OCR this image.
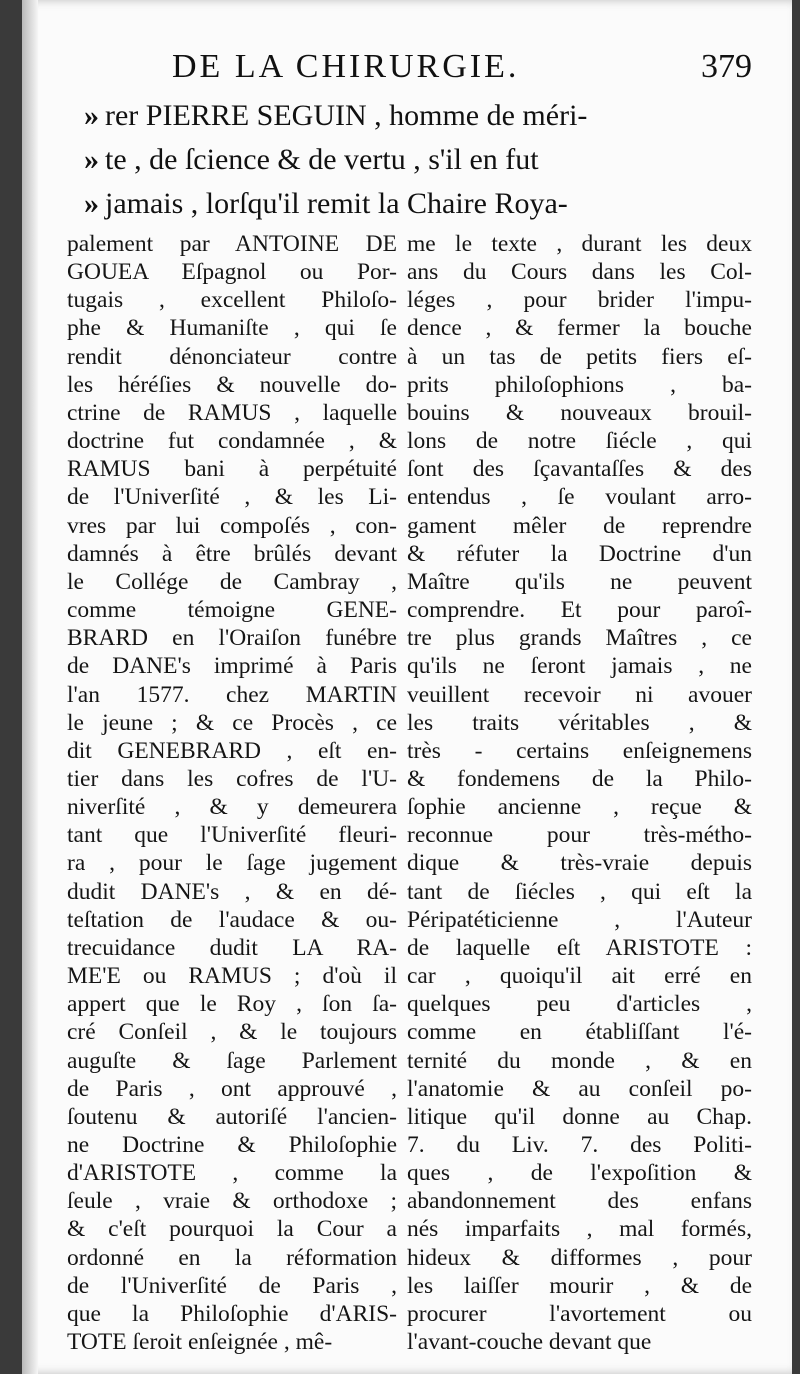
DE LA CHIRURGIE.	379
» rer PIERRE SEGUIN , homme de méri-
» te , de ſcience & de vertu , s'il en fut
» jamais , lorſqu'il remit la Chaire Roya-
palement par ANTOINE DE
GOUEA Eſpagnol ou Por-
tugais , excellent Philoſo-
phe & Humaniſte , qui ſe
rendit dénonciateur contre
les héréſies & nouvelle do-
ctrine de RAMUS , laquelle
doctrine fut condamnée , &
RAMUS bani à perpétuité
de l'Univerſité , & les Li-
vres par lui compoſés , con-
damnés à être brûlés devant
le Collége de Cambray ,
comme témoigne GENE-
BRARD en l'Oraiſon funébre
de DANE's imprimé à Paris
l'an 1577. chez MARTIN
le jeune ; & ce Procès , ce
dit GENEBRARD , eſt en-
tier dans les cofres de l'U-
niverſité , & y demeurera
tant que l'Univerſité fleuri-
ra , pour le ſage jugement
dudit DANE's , & en dé-
teſtation de l'audace & ou-
trecuidance dudit LA RA-
ME'E ou RAMUS ; d'où il
appert que le Roy , ſon ſa-
cré Conſeil , & le toujours
auguſte & ſage Parlement
de Paris , ont approuvé ,
ſoutenu & autoriſé l'ancien-
ne Doctrine & Philoſophie
d'ARISTOTE , comme la
ſeule , vraie & orthodoxe ;
& c'eſt pourquoi la Cour a
ordonné en la réformation
de l'Univerſité de Paris ,
que la Philoſophie d'ARIS-
TOTE ſeroit enſeignée , mê-
me le texte , durant les deux
ans du Cours dans les Col-
léges , pour brider l'impu-
dence , & fermer la bouche
à un tas de petits fiers eſ-
prits philoſophions , ba-
bouins & nouveaux brouil-
lons de notre ſiécle , qui
ſont des ſçavantaſſes & des
entendus , ſe voulant arro-
gament mêler de reprendre
& réfuter la Doctrine d'un
Maître qu'ils ne peuvent
comprendre. Et pour paroî-
tre plus grands Maîtres , ce
qu'ils ne ſeront jamais , ne
veuillent recevoir ni avouer
les traits véritables , &
très - certains enſeignemens
& fondemens de la Philo-
ſophie ancienne , reçue &
reconnue pour très-métho-
dique & très-vraie depuis
tant de ſiécles , qui eſt la
Péripatéticienne , l'Auteur
de laquelle eſt ARISTOTE :
car , quoiqu'il ait erré en
quelques peu d'articles ,
comme en établiſſant l'é-
ternité du monde , & en
l'anatomie & au conſeil po-
litique qu'il donne au Chap.
7. du Liv. 7. des Politi-
ques , de l'expoſition &
abandonnement des enfans
nés imparfaits , mal formés,
hideux & difformes , pour
les laiſſer mourir , & de
procurer l'avortement ou
l'avant-couche devant que
